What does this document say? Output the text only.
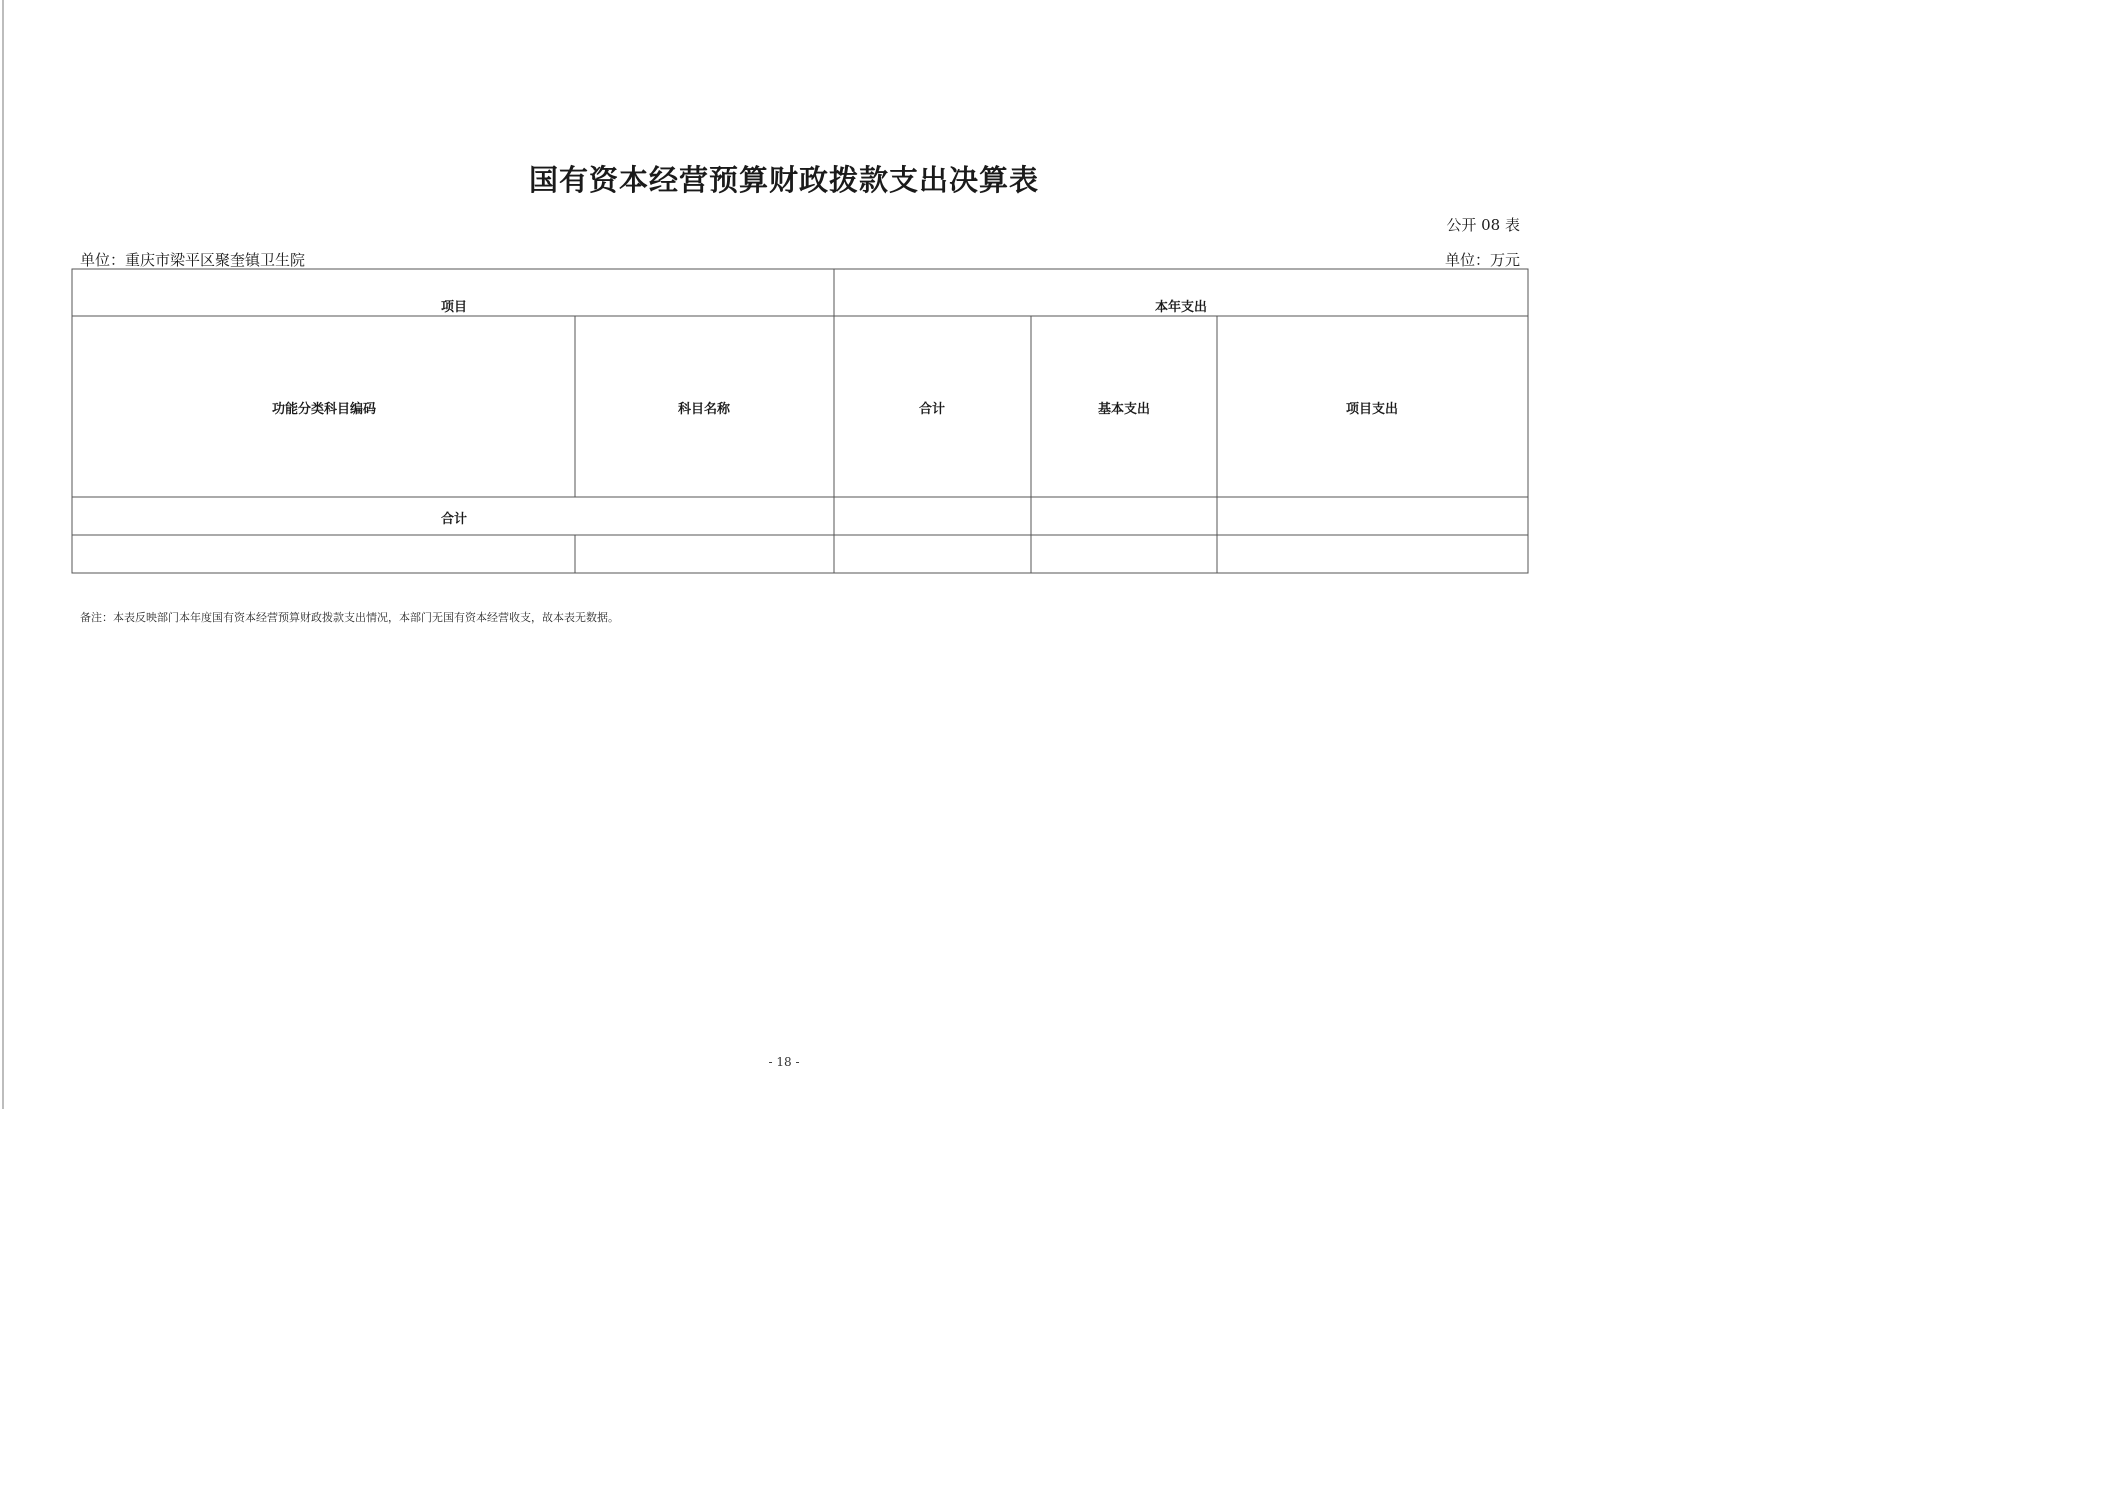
国有资本经营预算财政拨款支出决算表
公开 08 表
单位：重庆市梁平区聚奎镇卫生院	单位：万元
项目	本年支出
功能分类科目编码	科目名称	合计	基本支出	项目支出
合计
备注：本表反映部门本年度国有资本经营预算财政拨款支出情况，本部门无国有资本经营收支，故本表无数据。
- 18 -
